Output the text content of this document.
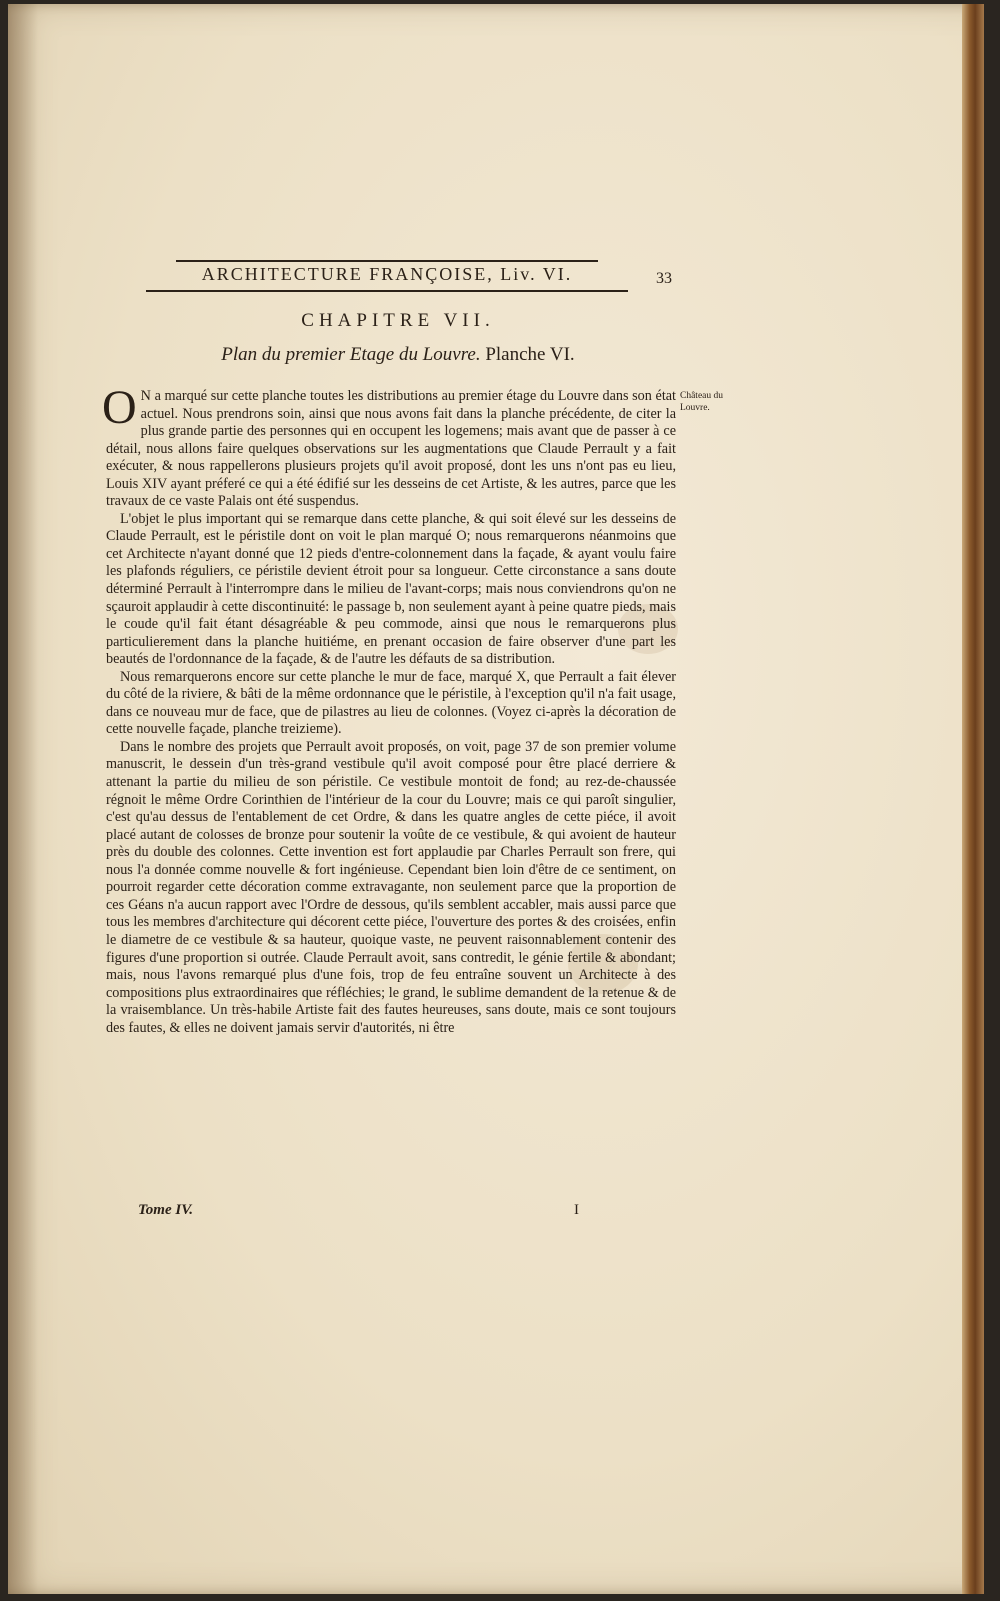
ARCHITECTURE FRANÇOISE, Liv. VI.	33
CHAPITRE VII.
Plan du premier Etage du Louvre. Planche VI.
Château du Louvre.

O N a marqué sur cette planche toutes les distributions au premier étage du Louvre dans son état actuel. Nous prendrons soin, ainsi que nous avons fait dans la planche précédente, de citer la plus grande partie des personnes qui en occupent les logemens; mais avant que de passer à ce détail, nous allons faire quelques observations sur les augmentations que Claude Perrault y a fait exécuter, & nous rappellerons plusieurs projets qu'il avoit proposé, dont les uns n'ont pas eu lieu, Louis XIV ayant préferé ce qui a été édifié sur les desseins de cet Artiste, & les autres, parce que les travaux de ce vaste Palais ont été suspendus.

L'objet le plus important qui se remarque dans cette planche, & qui soit élevé sur les desseins de Claude Perrault, est le péristile dont on voit le plan marqué O; nous remarquerons néanmoins que cet Architecte n'ayant donné que 12 pieds d'entre-colonnement dans la façade, & ayant voulu faire les plafonds réguliers, ce péristile devient étroit pour sa longueur. Cette circonstance a sans doute déterminé Perrault à l'interrompre dans le milieu de l'avant-corps; mais nous conviendrons qu'on ne sçauroit applaudir à cette discontinuité: le passage b, non seulement ayant à peine quatre pieds, mais le coude qu'il fait étant désagréable & peu commode, ainsi que nous le remarquerons plus particulierement dans la planche huitiéme, en prenant occasion de faire observer d'une part les beautés de l'ordonnance de la façade, & de l'autre les défauts de sa distribution.

Nous remarquerons encore sur cette planche le mur de face, marqué X, que Perrault a fait élever du côté de la riviere, & bâti de la même ordonnance que le péristile, à l'exception qu'il n'a fait usage, dans ce nouveau mur de face, que de pilastres au lieu de colonnes. (Voyez ci-après la décoration de cette nouvelle façade, planche treizieme).

Dans le nombre des projets que Perrault avoit proposés, on voit, page 37 de son premier volume manuscrit, le dessein d'un très-grand vestibule qu'il avoit composé pour être placé derriere & attenant la partie du milieu de son péristile. Ce vestibule montoit de fond; au rez-de-chaussée régnoit le même Ordre Corinthien de l'intérieur de la cour du Louvre; mais ce qui paroît singulier, c'est qu'au dessus de l'entablement de cet Ordre, & dans les quatre angles de cette piéce, il avoit placé autant de colosses de bronze pour soutenir la voûte de ce vestibule, & qui avoient de hauteur près du double des colonnes. Cette invention est fort applaudie par Charles Perrault son frere, qui nous l'a donnée comme nouvelle & fort ingénieuse. Cependant bien loin d'être de ce sentiment, on pourroit regarder cette décoration comme extravagante, non seulement parce que la proportion de ces Géans n'a aucun rapport avec l'Ordre de dessous, qu'ils semblent accabler, mais aussi parce que tous les membres d'architecture qui décorent cette piéce, l'ouverture des portes & des croisées, enfin le diametre de ce vestibule & sa hauteur, quoique vaste, ne peuvent raisonnablement contenir des figures d'une proportion si outrée. Claude Perrault avoit, sans contredit, le génie fertile & abondant; mais, nous l'avons remarqué plus d'une fois, trop de feu entraîne souvent un Architecte à des compositions plus extraordinaires que réfléchies; le grand, le sublime demandent de la retenue & de la vraisemblance. Un très-habile Artiste fait des fautes heureuses, sans doute, mais ce sont toujours des fautes, & elles ne doivent jamais servir d'autorités, ni être

Tome IV.	I
